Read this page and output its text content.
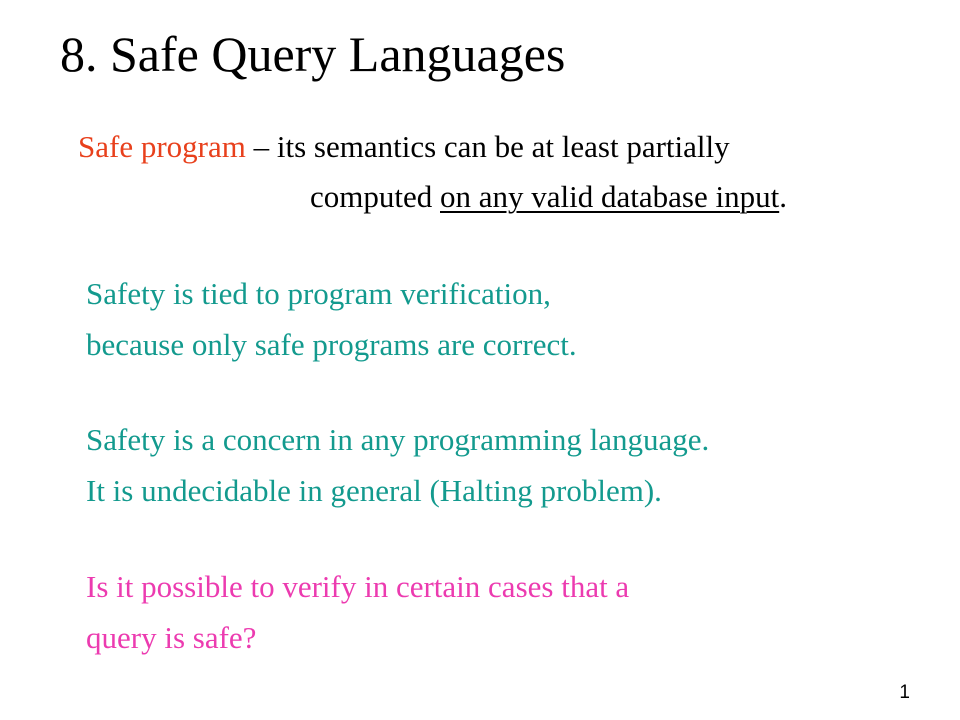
8. Safe Query Languages
Safe program – its semantics can be at least partially
computed on any valid database input.
Safety is tied to program verification,
because only safe programs are correct.
Safety is a concern in any programming language.
It is undecidable in general (Halting problem).
Is it possible to verify in certain cases that a
query is safe?
1
